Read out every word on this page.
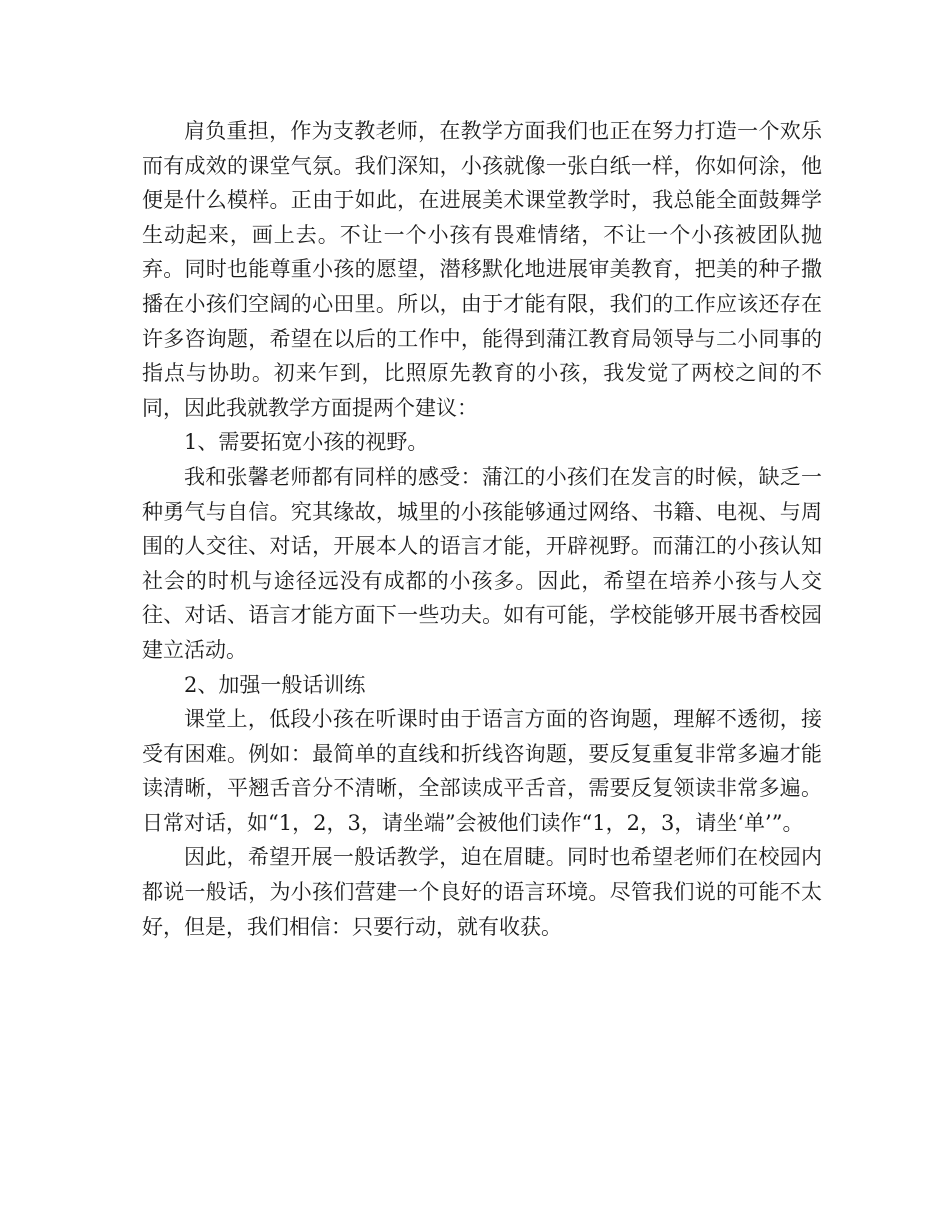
肩负重担，作为支教老师，在教学方面我们也正在努力打造一个欢乐而有成效的课堂气氛。我们深知，小孩就像一张白纸一样，你如何涂，他便是什么模样。正由于如此，在进展美术课堂教学时，我总能全面鼓舞学生动起来，画上去。不让一个小孩有畏难情绪，不让一个小孩被团队抛弃。同时也能尊重小孩的愿望，潜移默化地进展审美教育，把美的种子撒播在小孩们空阔的心田里。所以，由于才能有限，我们的工作应该还存在许多咨询题，希望在以后的工作中，能得到蒲江教育局领导与二小同事的指点与协助。初来乍到，比照原先教育的小孩，我发觉了两校之间的不同，因此我就教学方面提两个建议：

1、需要拓宽小孩的视野。

我和张馨老师都有同样的感受：蒲江的小孩们在发言的时候，缺乏一种勇气与自信。究其缘故，城里的小孩能够通过网络、书籍、电视、与周围的人交往、对话，开展本人的语言才能，开辟视野。而蒲江的小孩认知社会的时机与途径远没有成都的小孩多。因此，希望在培养小孩与人交往、对话、语言才能方面下一些功夫。如有可能，学校能够开展书香校园建立活动。

2、加强一般话训练

课堂上，低段小孩在听课时由于语言方面的咨询题，理解不透彻，接受有困难。例如：最简单的直线和折线咨询题，要反复重复非常多遍才能读清晰，平翘舌音分不清晰，全部读成平舌音，需要反复领读非常多遍。日常对话，如“1，2，3，请坐端”会被他们读作“1，2，3，请坐‘单’”。

因此，希望开展一般话教学，迫在眉睫。同时也希望老师们在校园内都说一般话，为小孩们营建一个良好的语言环境。尽管我们说的可能不太好，但是，我们相信：只要行动，就有收获。
